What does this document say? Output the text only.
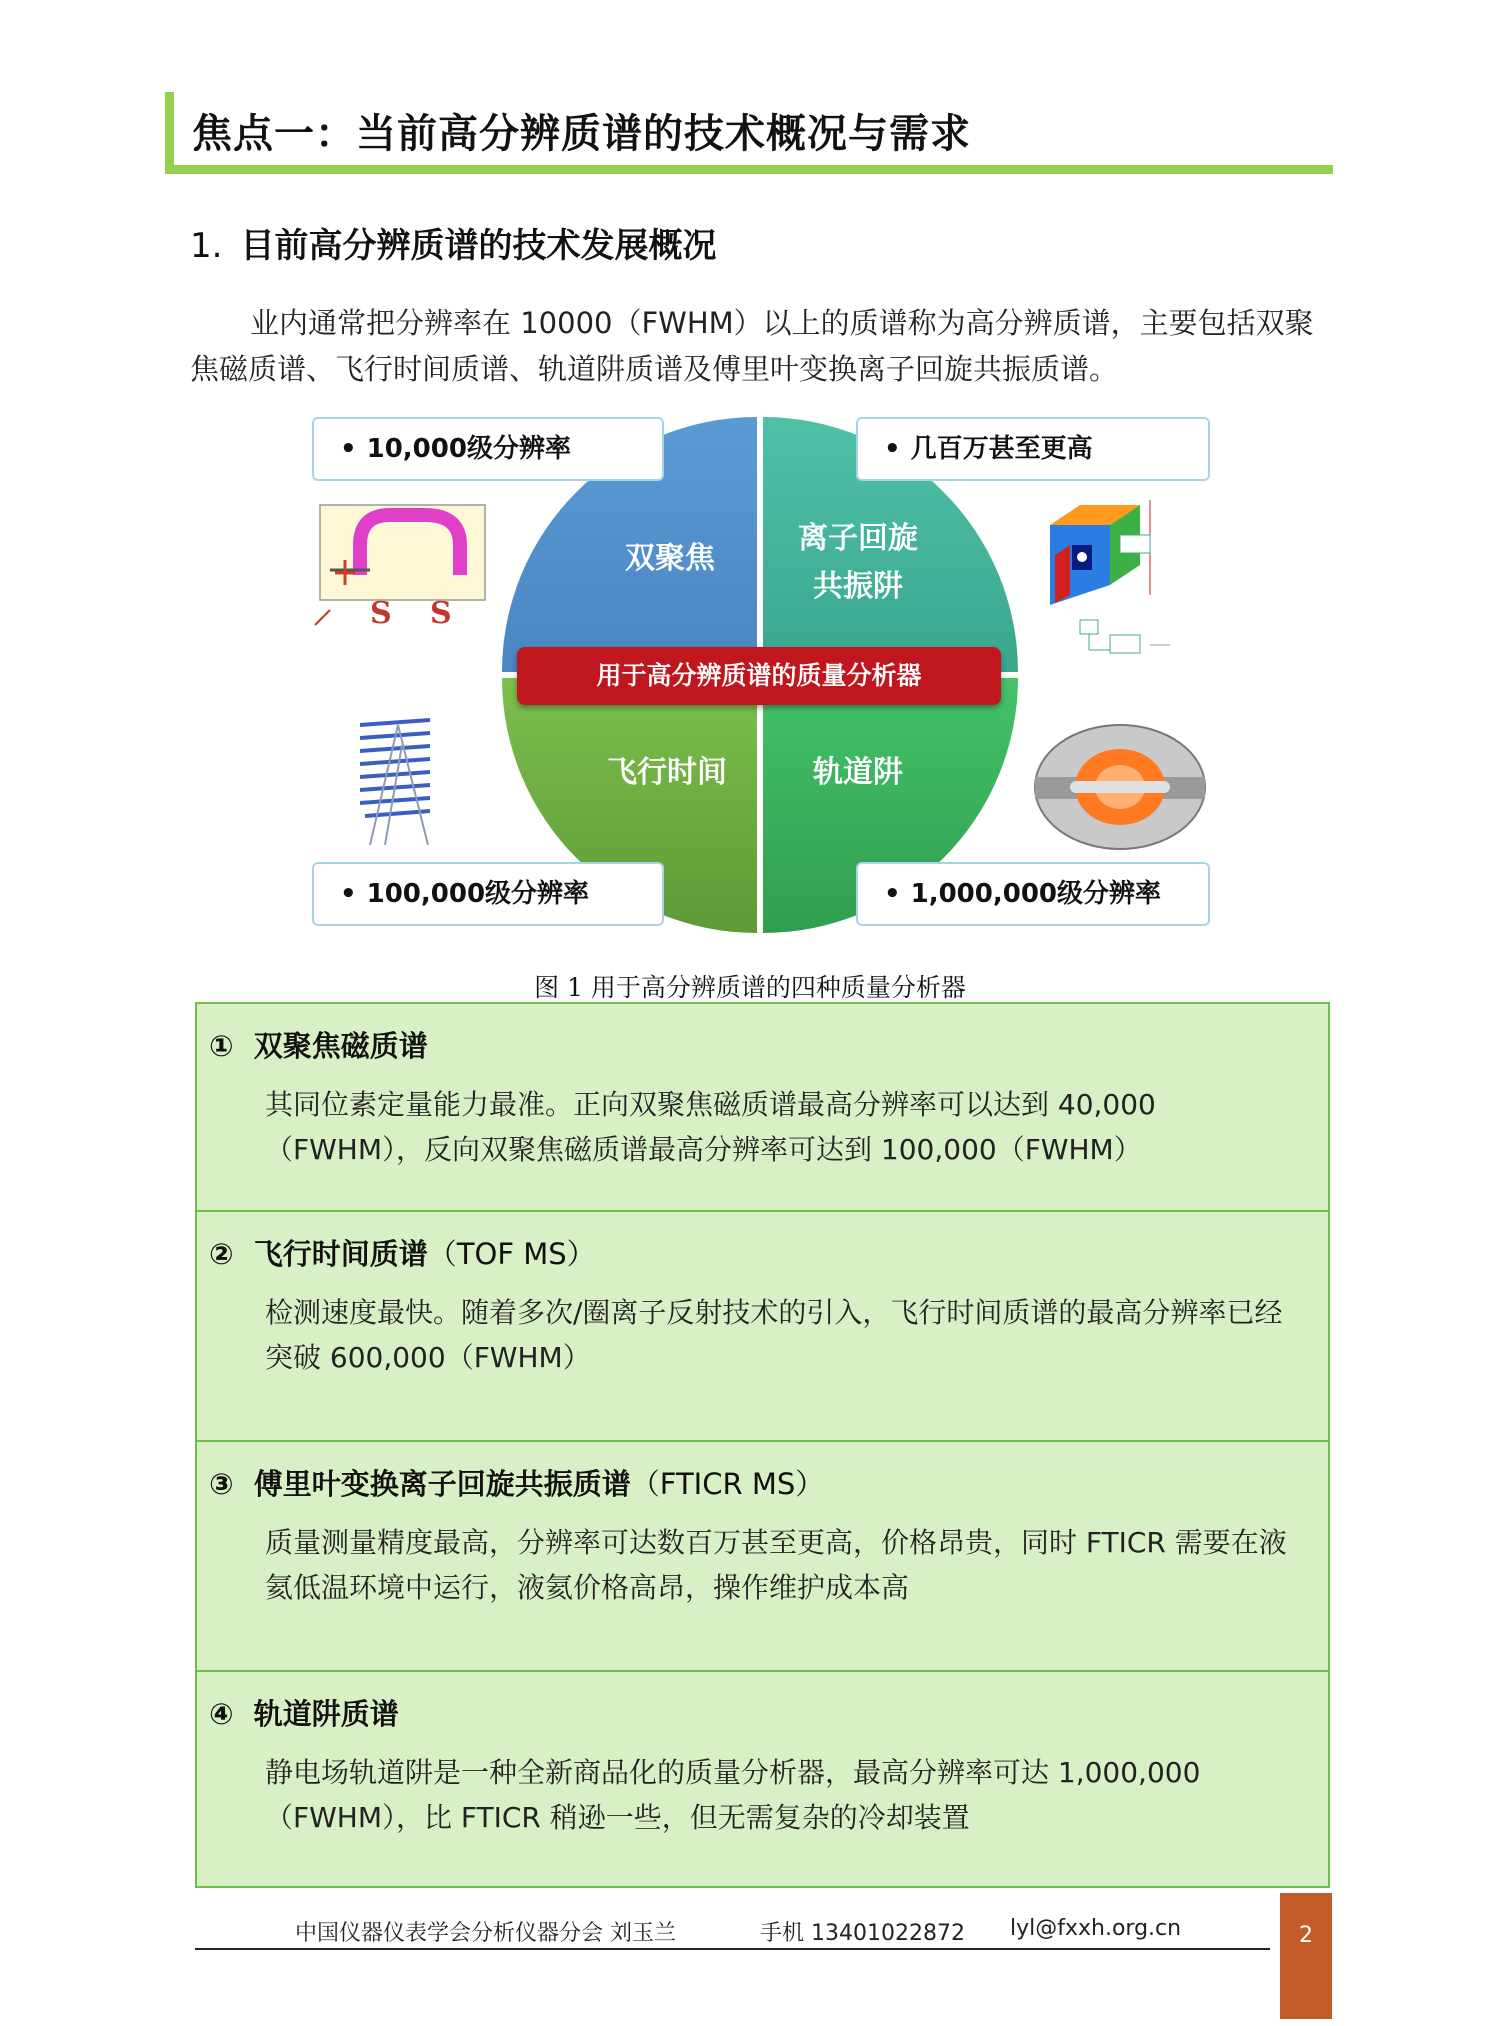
焦点一：当前高分辨质谱的技术概况与需求
1. 目前高分辨质谱的技术发展概况

业内通常把分辨率在 10000（FWHM）以上的质谱称为高分辨质谱，主要包括双聚焦磁质谱、飞行时间质谱、轨道阱质谱及傅里叶变换离子回旋共振质谱。

S S
• 10,000级分辨率	• 几百万甚至更高
• 100,000级分辨率	• 1,000,000级分辨率
双聚焦
离子回旋
共振阱
飞行时间	轨道阱
用于高分辨质谱的质量分析器
图 1 用于高分辨质谱的四种质量分析器
① 双聚焦磁质谱

其同位素定量能力最准。正向双聚焦磁质谱最高分辨率可以达到 40,000（FWHM），反向双聚焦磁质谱最高分辨率可达到 100,000（FWHM）

② 飞行时间质谱（TOF MS）

检测速度最快。随着多次/圈离子反射技术的引入，飞行时间质谱的最高分辨率已经突破 600,000（FWHM）

③ 傅里叶变换离子回旋共振质谱（FTICR MS）

质量测量精度最高，分辨率可达数百万甚至更高，价格昂贵，同时 FTICR 需要在液氦低温环境中运行，液氦价格高昂，操作维护成本高

④ 轨道阱质谱

静电场轨道阱是一种全新商品化的质量分析器，最高分辨率可达 1,000,000（FWHM），比 FTICR 稍逊一些，但无需复杂的冷却装置

中国仪器仪表学会分析仪器分会 刘玉兰	手机 13401022872 lyl@fxxh.org.cn	2
